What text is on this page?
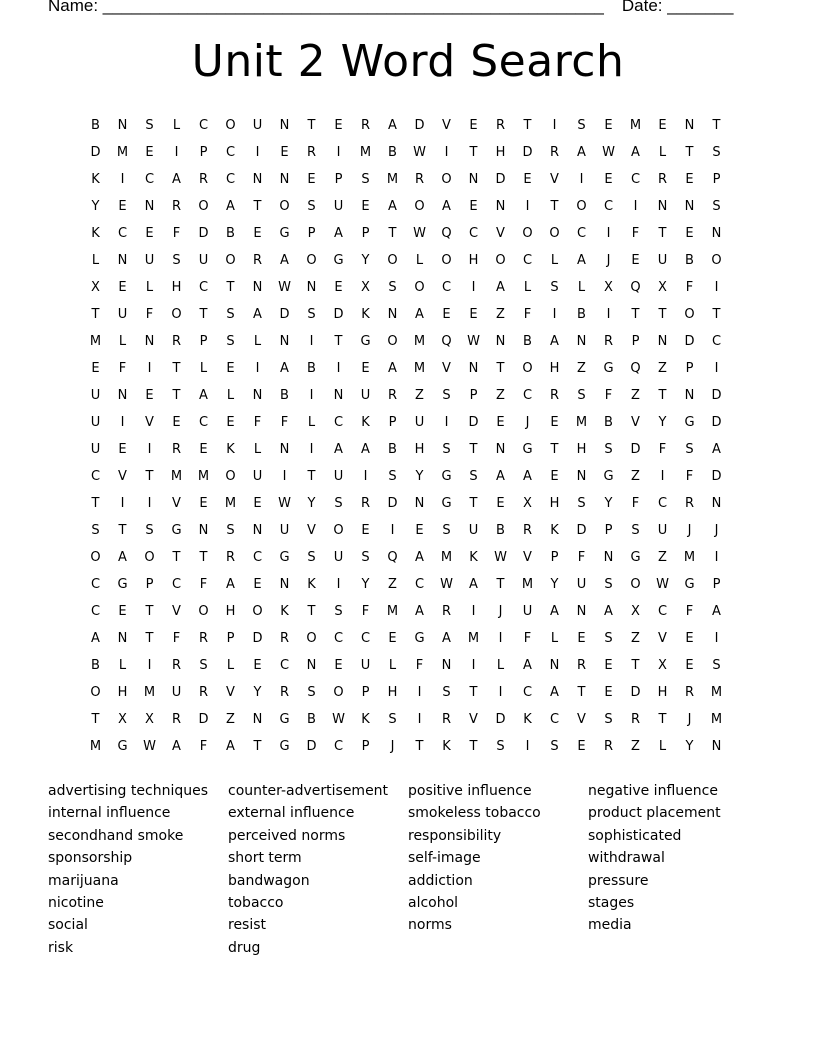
Name: _____________________________________________________ Date: _______
Unit 2 Word Search
B	N	S	L	C	O	U	N	T	E	R	A	D	V	E	R	T	I	S	E	M	E	N	T
D	M	E	I	P	C	I	E	R	I	M	B	W	I	T	H	D	R	A	W	A	L	T	S
K	I	C	A	R	C	N	N	E	P	S	M	R	O	N	D	E	V	I	E	C	R	E	P
Y	E	N	R	O	A	T	O	S	U	E	A	O	A	E	N	I	T	O	C	I	N	N	S
K	C	E	F	D	B	E	G	P	A	P	T	W	Q	C	V	O	O	C	I	F	T	E	N
L	N	U	S	U	O	R	A	O	G	Y	O	L	O	H	O	C	L	A	J	E	U	B	O
X	E	L	H	C	T	N	W	N	E	X	S	O	C	I	A	L	S	L	X	Q	X	F	I
T	U	F	O	T	S	A	D	S	D	K	N	A	E	E	Z	F	I	B	I	T	T	O	T
M	L	N	R	P	S	L	N	I	T	G	O	M	Q	W	N	B	A	N	R	P	N	D	C
E	F	I	T	L	E	I	A	B	I	E	A	M	V	N	T	O	H	Z	G	Q	Z	P	I
U	N	E	T	A	L	N	B	I	N	U	R	Z	S	P	Z	C	R	S	F	Z	T	N	D
U	I	V	E	C	E	F	F	L	C	K	P	U	I	D	E	J	E	M	B	V	Y	G	D
U	E	I	R	E	K	L	N	I	A	A	B	H	S	T	N	G	T	H	S	D	F	S	A
C	V	T	M	M	O	U	I	T	U	I	S	Y	G	S	A	A	E	N	G	Z	I	F	D
T	I	I	V	E	M	E	W	Y	S	R	D	N	G	T	E	X	H	S	Y	F	C	R	N
S	T	S	G	N	S	N	U	V	O	E	I	E	S	U	B	R	K	D	P	S	U	J	J
O	A	O	T	T	R	C	G	S	U	S	Q	A	M	K	W	V	P	F	N	G	Z	M	I
C	G	P	C	F	A	E	N	K	I	Y	Z	C	W	A	T	M	Y	U	S	O	W	G	P
C	E	T	V	O	H	O	K	T	S	F	M	A	R	I	J	U	A	N	A	X	C	F	A
A	N	T	F	R	P	D	R	O	C	C	E	G	A	M	I	F	L	E	S	Z	V	E	I
B	L	I	R	S	L	E	C	N	E	U	L	F	N	I	L	A	N	R	E	T	X	E	S
O	H	M	U	R	V	Y	R	S	O	P	H	I	S	T	I	C	A	T	E	D	H	R	M
T	X	X	R	D	Z	N	G	B	W	K	S	I	R	V	D	K	C	V	S	R	T	J	M
M	G	W	A	F	A	T	G	D	C	P	J	T	K	T	S	I	S	E	R	Z	L	Y	N
advertising techniques
internal influence
secondhand smoke
sponsorship
marijuana
nicotine
social
risk
counter-advertisement
external influence
perceived norms
short term
bandwagon
tobacco
resist
drug
positive influence
smokeless tobacco
responsibility
self-image
addiction
alcohol
norms
negative influence
product placement
sophisticated
withdrawal
pressure
stages
media
